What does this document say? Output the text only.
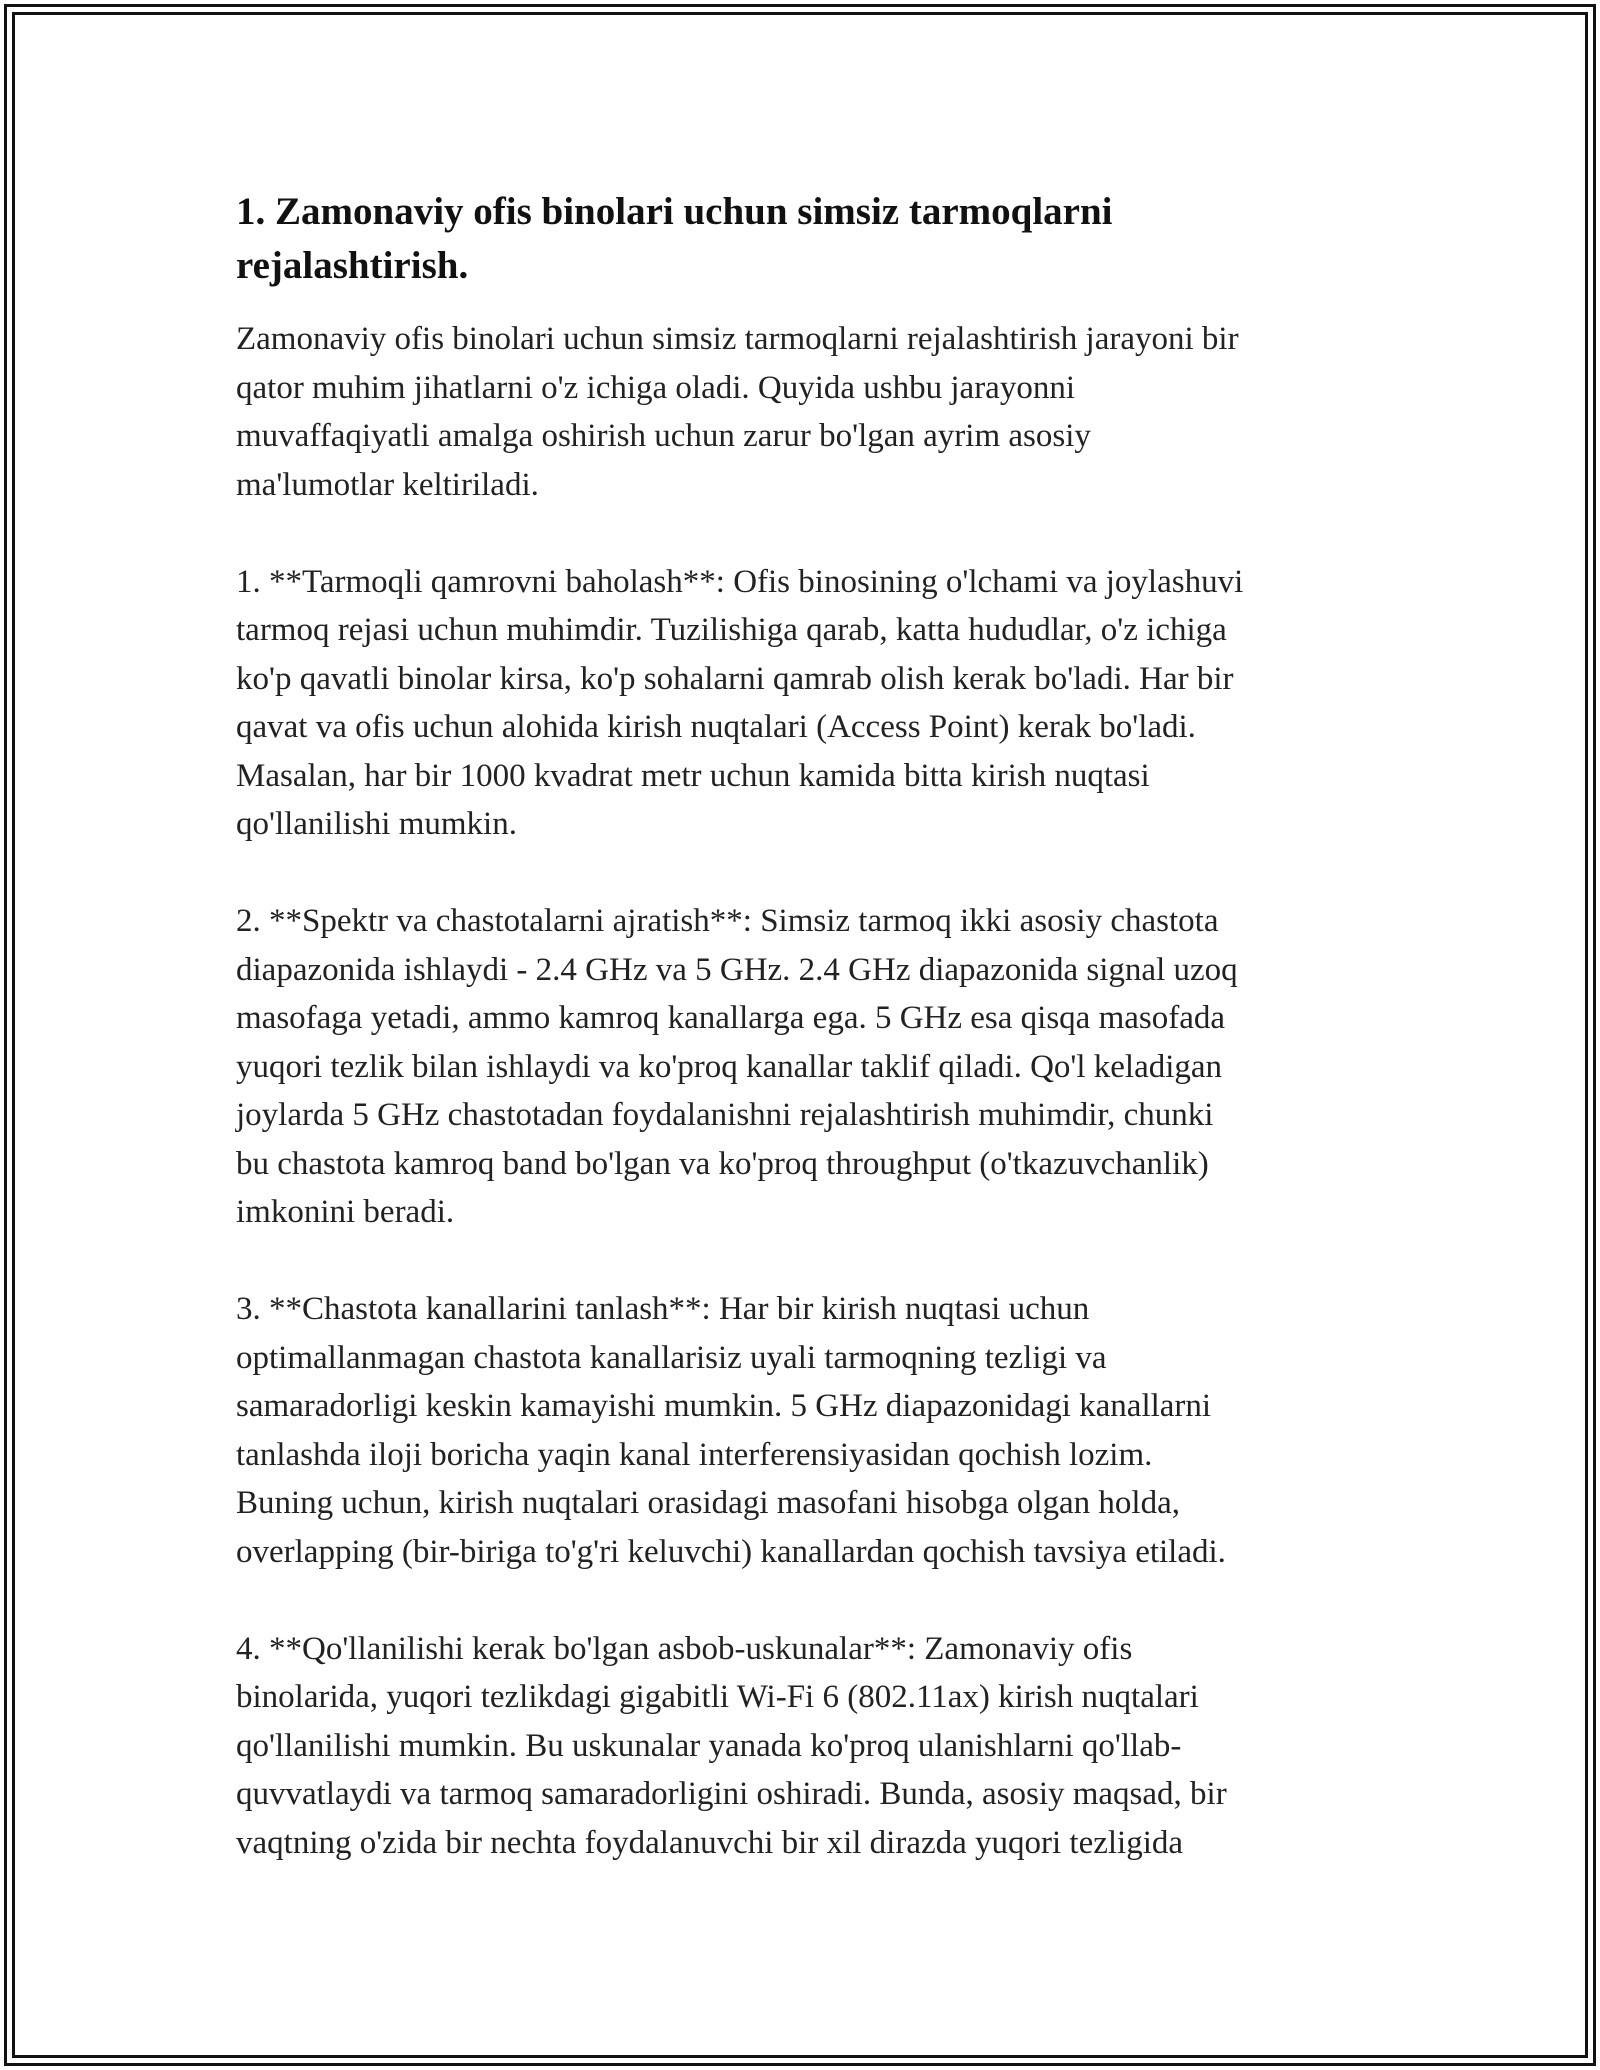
1. Zamonaviy ofis binolari uchun simsiz tarmoqlarni
rejalashtirish.
Zamonaviy ofis binolari uchun simsiz tarmoqlarni rejalashtirish jarayoni bir
qator muhim jihatlarni o'z ichiga oladi. Quyida ushbu jarayonni
muvaffaqiyatli amalga oshirish uchun zarur bo'lgan ayrim asosiy
ma'lumotlar keltiriladi.
1. **Tarmoqli qamrovni baholash**: Ofis binosining o'lchami va joylashuvi
tarmoq rejasi uchun muhimdir. Tuzilishiga qarab, katta hududlar, o'z ichiga
ko'p qavatli binolar kirsa, ko'p sohalarni qamrab olish kerak bo'ladi. Har bir
qavat va ofis uchun alohida kirish nuqtalari (Access Point) kerak bo'ladi.
Masalan, har bir 1000 kvadrat metr uchun kamida bitta kirish nuqtasi
qo'llanilishi mumkin.
2. **Spektr va chastotalarni ajratish**: Simsiz tarmoq ikki asosiy chastota
diapazonida ishlaydi - 2.4 GHz va 5 GHz. 2.4 GHz diapazonida signal uzoq
masofaga yetadi, ammo kamroq kanallarga ega. 5 GHz esa qisqa masofada
yuqori tezlik bilan ishlaydi va ko'proq kanallar taklif qiladi. Qo'l keladigan
joylarda 5 GHz chastotadan foydalanishni rejalashtirish muhimdir, chunki
bu chastota kamroq band bo'lgan va ko'proq throughput (o'tkazuvchanlik)
imkonini beradi.
3. **Chastota kanallarini tanlash**: Har bir kirish nuqtasi uchun
optimallanmagan chastota kanallarisiz uyali tarmoqning tezligi va
samaradorligi keskin kamayishi mumkin. 5 GHz diapazonidagi kanallarni
tanlashda iloji boricha yaqin kanal interferensiyasidan qochish lozim.
Buning uchun, kirish nuqtalari orasidagi masofani hisobga olgan holda,
overlapping (bir-biriga to'g'ri keluvchi) kanallardan qochish tavsiya etiladi.
4. **Qo'llanilishi kerak bo'lgan asbob-uskunalar**: Zamonaviy ofis
binolarida, yuqori tezlikdagi gigabitli Wi-Fi 6 (802.11ax) kirish nuqtalari
qo'llanilishi mumkin. Bu uskunalar yanada ko'proq ulanishlarni qo'llab-
quvvatlaydi va tarmoq samaradorligini oshiradi. Bunda, asosiy maqsad, bir
vaqtning o'zida bir nechta foydalanuvchi bir xil dirazda yuqori tezligida
